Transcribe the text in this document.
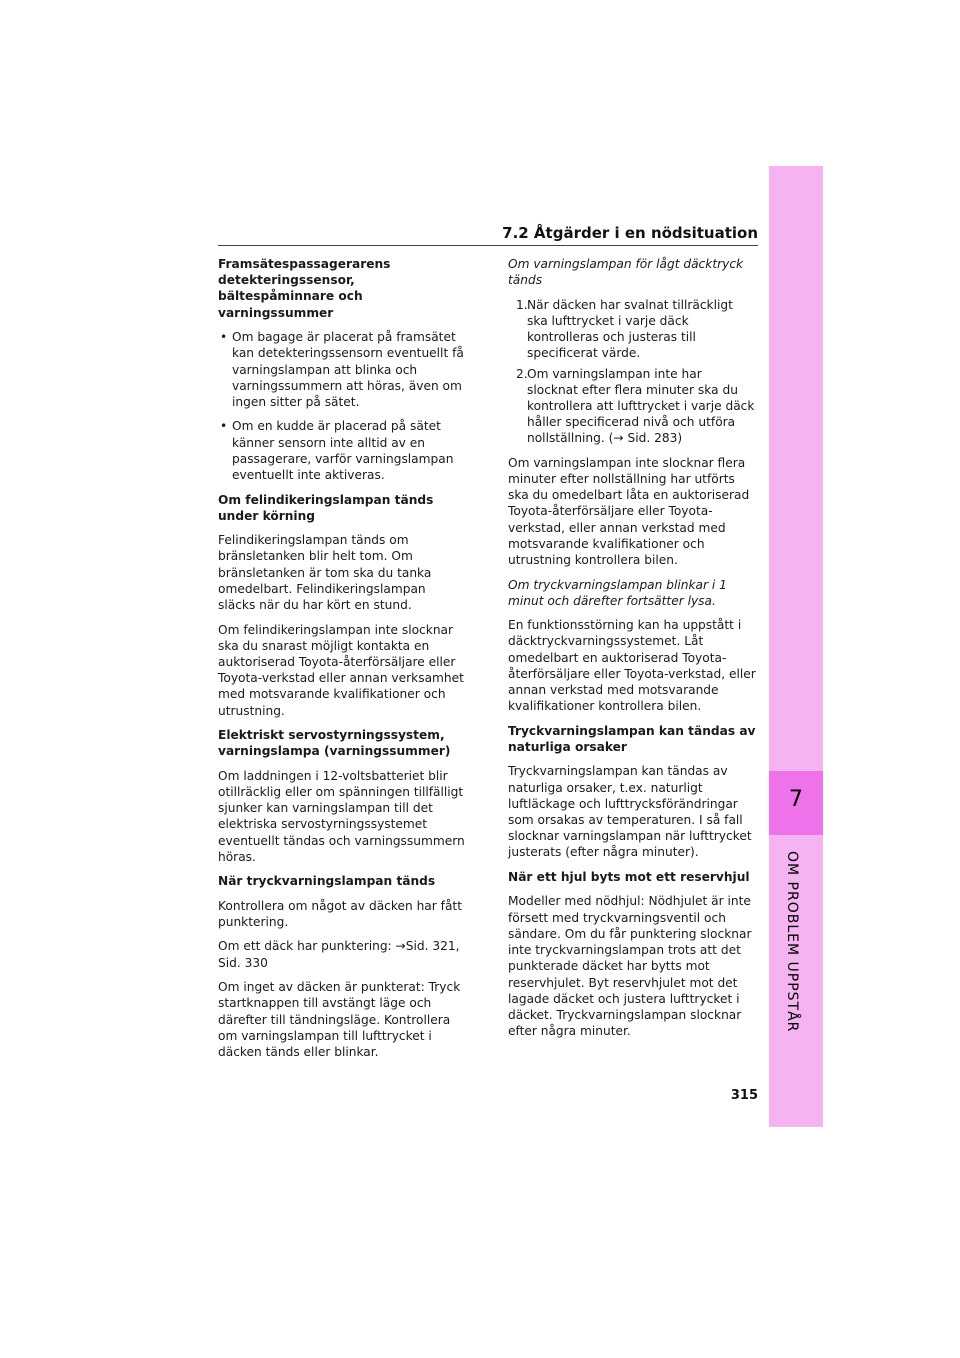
7
OM PROBLEM UPPSTÅR
7.2 Åtgärder i en nödsituation

Framsätespassagerarens detekteringssensor, bältespåminnare och varningssummer

• Om bagage är placerat på framsätet kan detekteringssensorn eventuellt få varningslampan att blinka och varningssummern att höras, även om ingen sitter på sätet.
• Om en kudde är placerad på sätet känner sensorn inte alltid av en passagerare, varför varningslampan eventuellt inte aktiveras.

Om felindikeringslampan tänds under körning

Felindikeringslampan tänds om bränsletanken blir helt tom. Om bränsletanken är tom ska du tanka omedelbart. Felindikeringslampan släcks när du har kört en stund.

Om felindikeringslampan inte slocknar ska du snarast möjligt kontakta en auktoriserad Toyota-återförsäljare eller Toyota-verkstad eller annan verksamhet med motsvarande kvalifikationer och utrustning.

Elektriskt servostyrningssystem, varningslampa (varningssummer)

Om laddningen i 12-voltsbatteriet blir otillräcklig eller om spänningen tillfälligt sjunker kan varningslampan till det elektriska servostyrningssystemet eventuellt tändas och varningssummern höras.

När tryckvarningslampan tänds

Kontrollera om något av däcken har fått punktering.

Om ett däck har punktering: →Sid. 321, Sid. 330

Om inget av däcken är punkterat: Tryck startknappen till avstängt läge och därefter till tändningsläge. Kontrollera om varningslampan till lufttrycket i däcken tänds eller blinkar.

Om varningslampan för lågt däcktryck tänds

1. När däcken har svalnat tillräckligt ska lufttrycket i varje däck kontrolleras och justeras till specificerat värde.
2. Om varningslampan inte har slocknat efter flera minuter ska du kontrollera att lufttrycket i varje däck håller specificerad nivå och utföra nollställning. (→ Sid. 283)

Om varningslampan inte slocknar flera minuter efter nollställning har utförts ska du omedelbart låta en auktoriserad Toyota-återförsäljare eller Toyota-verkstad, eller annan verkstad med motsvarande kvalifikationer och utrustning kontrollera bilen.

Om tryckvarningslampan blinkar i 1 minut och därefter fortsätter lysa.

En funktionsstörning kan ha uppstått i däcktryckvarningssystemet. Låt omedelbart en auktoriserad Toyota-återförsäljare eller Toyota-verkstad, eller annan verkstad med motsvarande kvalifikationer kontrollera bilen.

Tryckvarningslampan kan tändas av naturliga orsaker

Tryckvarningslampan kan tändas av naturliga orsaker, t.ex. naturligt luftläckage och lufttrycksförändringar som orsakas av temperaturen. I så fall slocknar varningslampan när lufttrycket justerats (efter några minuter).

När ett hjul byts mot ett reservhjul

Modeller med nödhjul: Nödhjulet är inte försett med tryckvarningsventil och sändare. Om du får punktering slocknar inte tryckvarningslampan trots att det punkterade däcket har bytts mot reservhjulet. Byt reservhjulet mot det lagade däcket och justera lufttrycket i däcket. Tryckvarningslampan slocknar efter några minuter.

315
